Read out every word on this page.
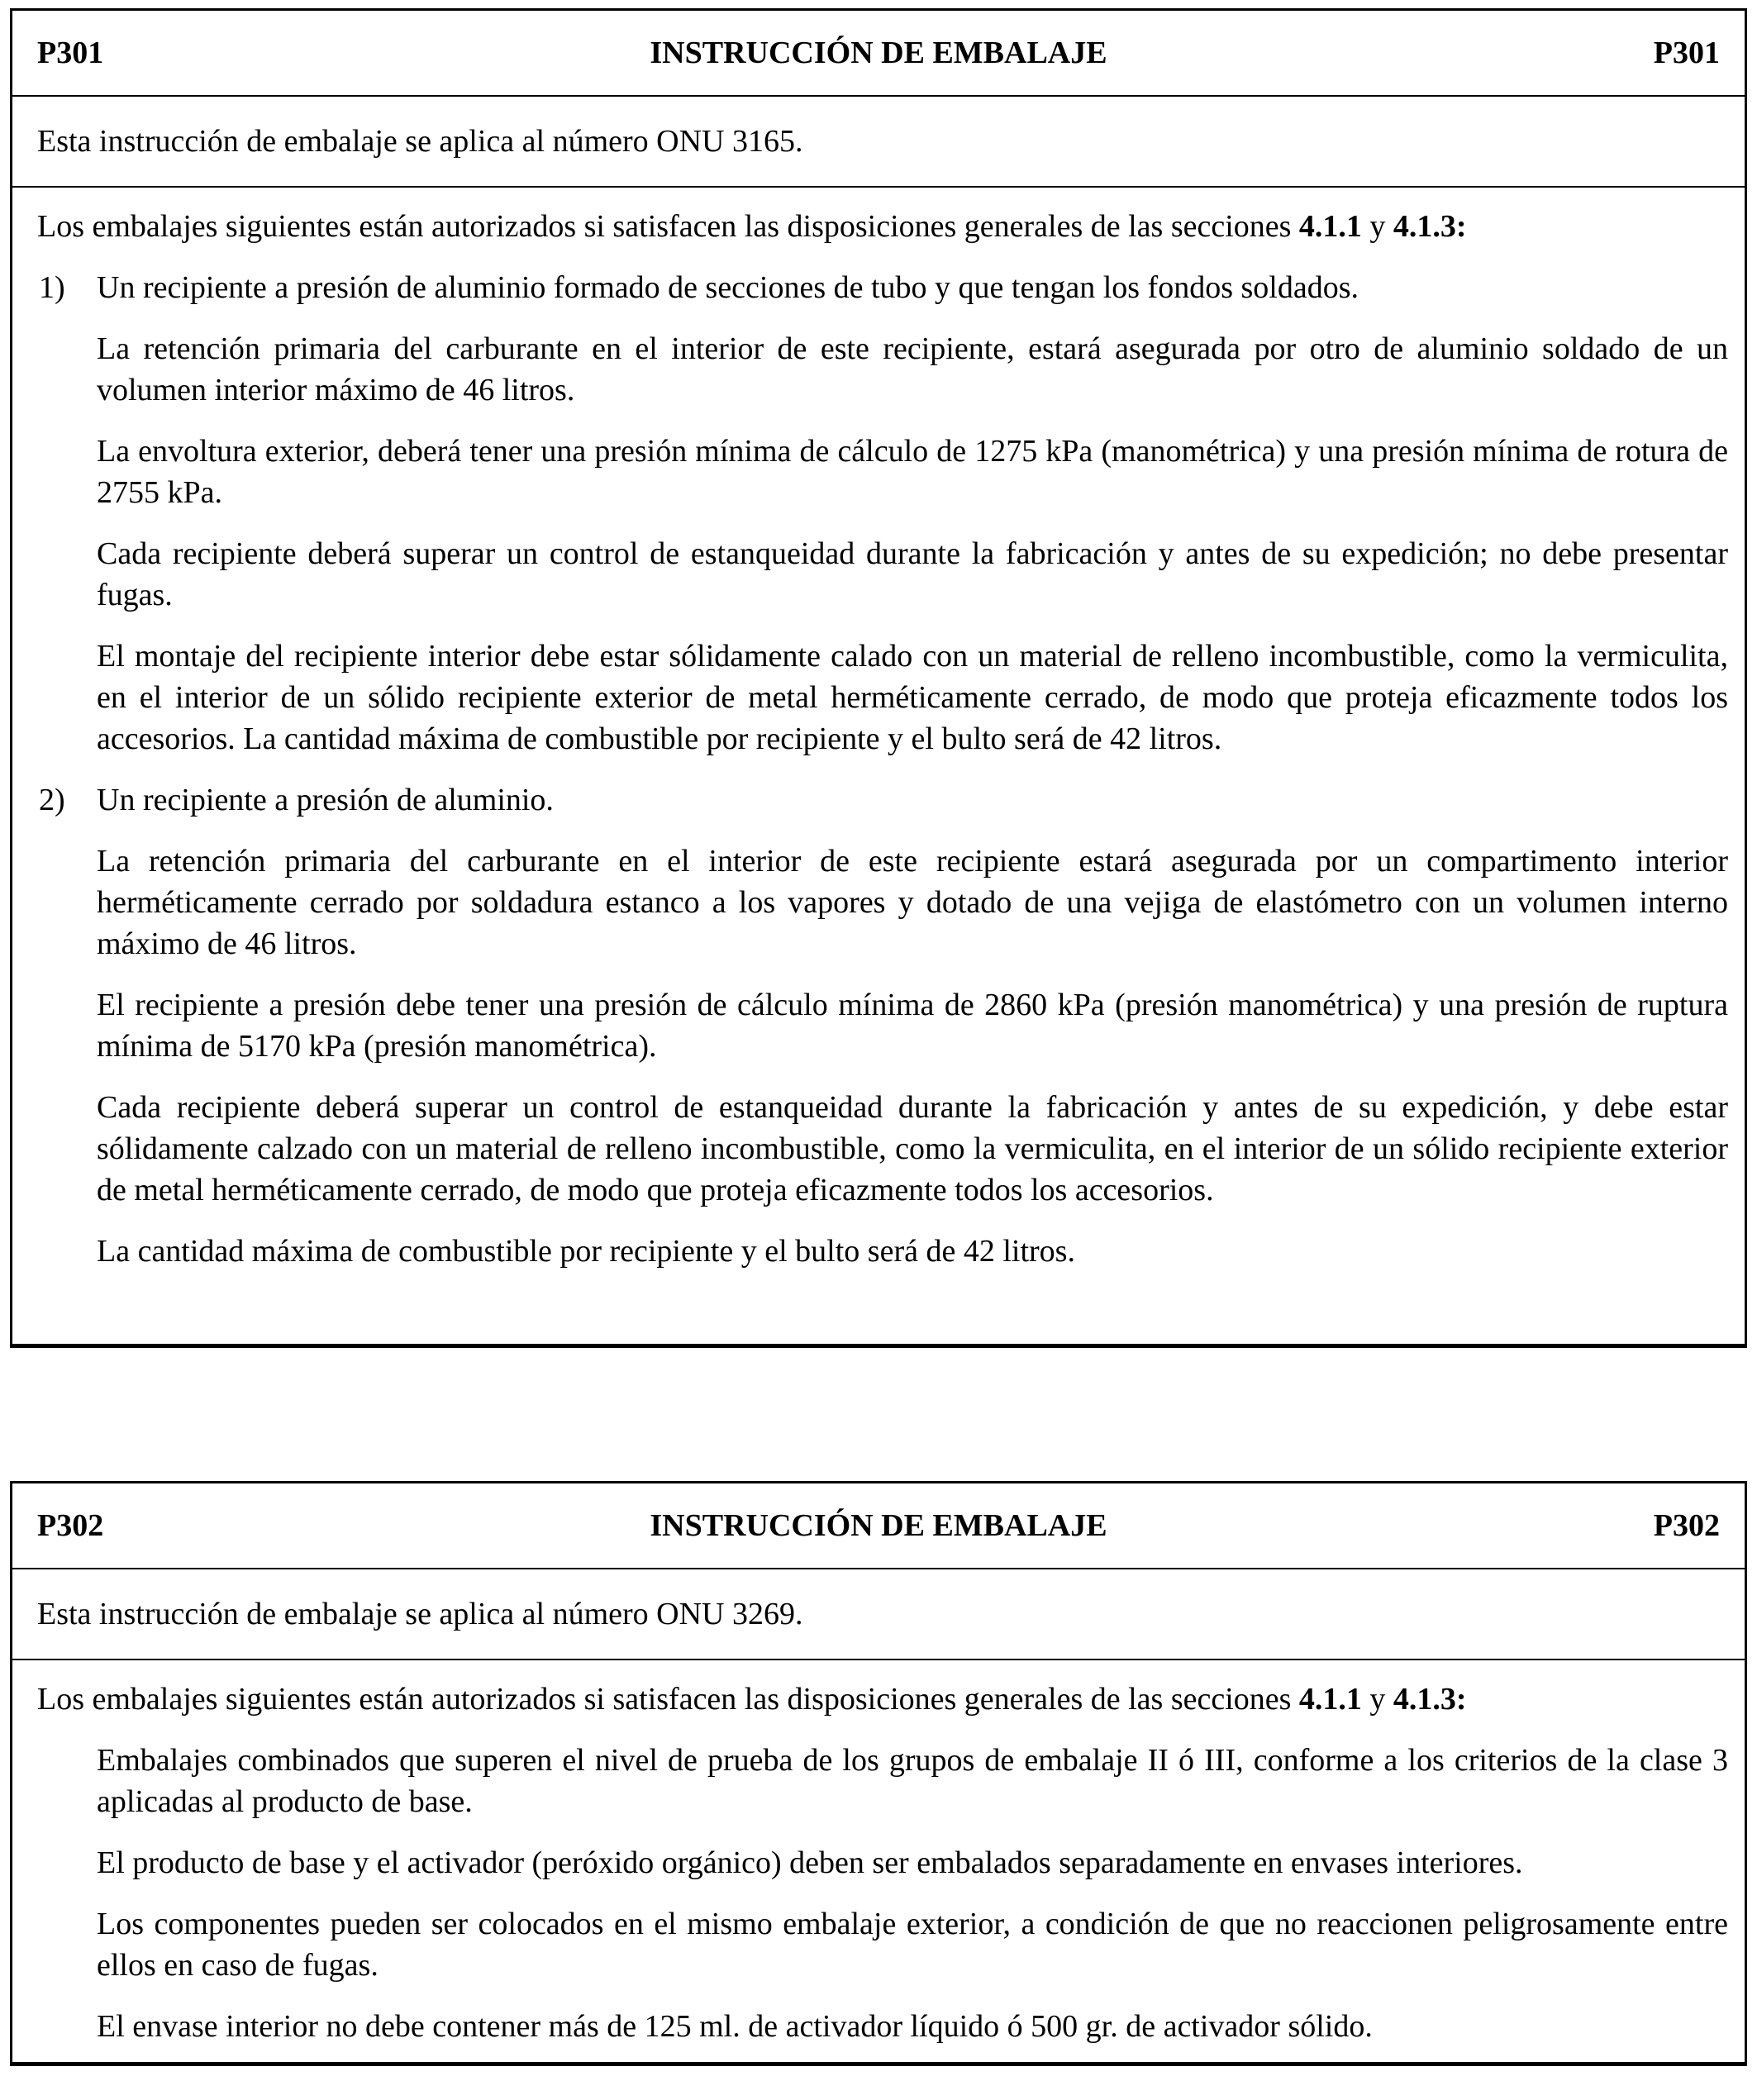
P301	INSTRUCCIÓN DE EMBALAJE	P301
Esta instrucción de embalaje se aplica al número ONU 3165.

Los embalajes siguientes están autorizados si satisfacen las disposiciones generales de las secciones 4.1.1 y 4.1.3:

1) Un recipiente a presión de aluminio formado de secciones de tubo y que tengan los fondos soldados.

La retención primaria del carburante en el interior de este recipiente, estará asegurada por otro de aluminio soldado de un volumen interior máximo de 46 litros.

La envoltura exterior, deberá tener una presión mínima de cálculo de 1275 kPa (manométrica) y una presión mínima de rotura de 2755 kPa.

Cada recipiente deberá superar un control de estanqueidad durante la fabricación y antes de su expedición; no debe presentar fugas.

El montaje del recipiente interior debe estar sólidamente calado con un material de relleno incombustible, como la vermiculita, en el interior de un sólido recipiente exterior de metal herméticamente cerrado, de modo que proteja eficazmente todos los accesorios. La cantidad máxima de combustible por recipiente y el bulto será de 42 litros.

2) Un recipiente a presión de aluminio.

La retención primaria del carburante en el interior de este recipiente estará asegurada por un compartimento interior herméticamente cerrado por soldadura estanco a los vapores y dotado de una vejiga de elastómetro con un volumen interno máximo de 46 litros.

El recipiente a presión debe tener una presión de cálculo mínima de 2860 kPa (presión manométrica) y una presión de ruptura mínima de 5170 kPa (presión manométrica).

Cada recipiente deberá superar un control de estanqueidad durante la fabricación y antes de su expedición, y debe estar sólidamente calzado con un material de relleno incombustible, como la vermiculita, en el interior de un sólido recipiente exterior de metal herméticamente cerrado, de modo que proteja eficazmente todos los accesorios.

La cantidad máxima de combustible por recipiente y el bulto será de 42 litros.

P302	INSTRUCCIÓN DE EMBALAJE	P302
Esta instrucción de embalaje se aplica al número ONU 3269.

Los embalajes siguientes están autorizados si satisfacen las disposiciones generales de las secciones 4.1.1 y 4.1.3:

Embalajes combinados que superen el nivel de prueba de los grupos de embalaje II ó III, conforme a los criterios de la clase 3 aplicadas al producto de base.

El producto de base y el activador (peróxido orgánico) deben ser embalados separadamente en envases interiores.

Los componentes pueden ser colocados en el mismo embalaje exterior, a condición de que no reaccionen peligrosamente entre ellos en caso de fugas.

El envase interior no debe contener más de 125 ml. de activador líquido ó 500 gr. de activador sólido.
